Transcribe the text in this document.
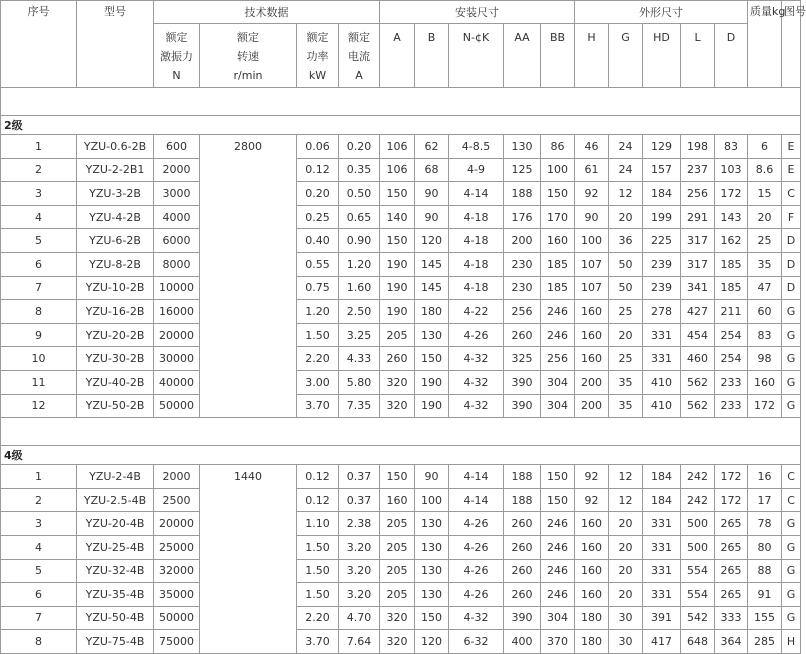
序号	型号	技术数据				安装尺寸					外形尺寸					质量kg	图号
		额定
激振力
N	额定
转速
r/min	额定
功率
kW	额定
电流
A	A	B	N-¢K	AA	BB	H	G	HD	L	D		

2级																	
1	YZU-0.6-2B	600	2800	0.06	0.20	106	62	4-8.5	130	86	46	24	129	198	83	6	E
2	YZU-2-2B1	2000		0.12	0.35	106	68	4-9	125	100	61	24	157	237	103	8.6	E
3	YZU-3-2B	3000		0.20	0.50	150	90	4-14	188	150	92	12	184	256	172	15	C
4	YZU-4-2B	4000		0.25	0.65	140	90	4-18	176	170	90	20	199	291	143	20	F
5	YZU-6-2B	6000		0.40	0.90	150	120	4-18	200	160	100	36	225	317	162	25	D
6	YZU-8-2B	8000		0.55	1.20	190	145	4-18	230	185	107	50	239	317	185	35	D
7	YZU-10-2B	10000		0.75	1.60	190	145	4-18	230	185	107	50	239	341	185	47	D
8	YZU-16-2B	16000		1.20	2.50	190	180	4-22	256	246	160	25	278	427	211	60	G
9	YZU-20-2B	20000		1.50	3.25	205	130	4-26	260	246	160	20	331	454	254	83	G
10	YZU-30-2B	30000		2.20	4.33	260	150	4-32	325	256	160	25	331	460	254	98	G
11	YZU-40-2B	40000		3.00	5.80	320	190	4-32	390	304	200	35	410	562	233	160	G
12	YZU-50-2B	50000		3.70	7.35	320	190	4-32	390	304	200	35	410	562	233	172	G

4级																	
1	YZU-2-4B	2000	1440	0.12	0.37	150	90	4-14	188	150	92	12	184	242	172	16	C
2	YZU-2.5-4B	2500		0.12	0.37	160	100	4-14	188	150	92	12	184	242	172	17	C
3	YZU-20-4B	20000		1.10	2.38	205	130	4-26	260	246	160	20	331	500	265	78	G
4	YZU-25-4B	25000		1.50	3.20	205	130	4-26	260	246	160	20	331	500	265	80	G
5	YZU-32-4B	32000		1.50	3.20	205	130	4-26	260	246	160	20	331	554	265	88	G
6	YZU-35-4B	35000		1.50	3.20	205	130	4-26	260	246	160	20	331	554	265	91	G
7	YZU-50-4B	50000		2.20	4.70	320	150	4-32	390	304	180	30	391	542	333	155	G
8	YZU-75-4B	75000		3.70	7.64	320	120	6-32	400	370	180	30	417	648	364	285	H
